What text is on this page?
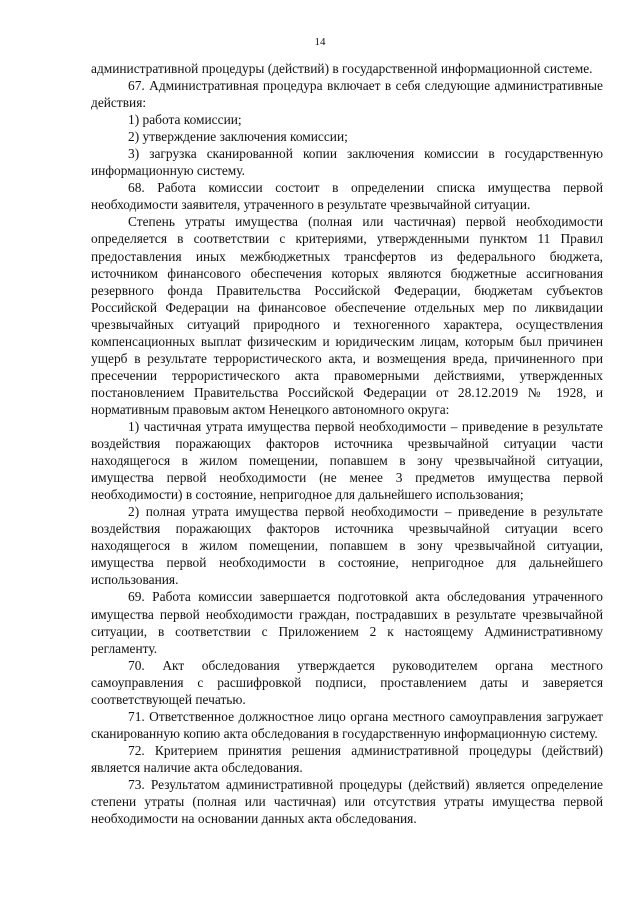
14

административной процедуры (действий) в государственной информационной системе.

67. Административная процедура включает в себя следующие административные действия:

1) работа комиссии;

2) утверждение заключения комиссии;

3) загрузка сканированной копии заключения комиссии в государственную информационную систему.

68. Работа комиссии состоит в определении списка имущества первой необходимости заявителя, утраченного в результате чрезвычайной ситуации.

Степень утраты имущества (полная или частичная) первой необходимости определяется в соответствии с критериями, утвержденными пунктом 11 Правил предоставления иных межбюджетных трансфертов из федерального бюджета, источником финансового обеспечения которых являются бюджетные ассигнования резервного фонда Правительства Российской Федерации, бюджетам субъектов Российской Федерации на финансовое обеспечение отдельных мер по ликвидации чрезвычайных ситуаций природного и техногенного характера, осуществления компенсационных выплат физическим и юридическим лицам, которым был причинен ущерб в результате террористического акта, и возмещения вреда, причиненного при пресечении террористического акта правомерными действиями, утвержденных постановлением Правительства Российской Федерации от 28.12.2019 № 1928, и нормативным правовым актом Ненецкого автономного округа:

1) частичная утрата имущества первой необходимости – приведение в результате воздействия поражающих факторов источника чрезвычайной ситуации части находящегося в жилом помещении, попавшем в зону чрезвычайной ситуации, имущества первой необходимости (не менее 3 предметов имущества первой необходимости) в состояние, непригодное для дальнейшего использования;

2) полная утрата имущества первой необходимости – приведение в результате воздействия поражающих факторов источника чрезвычайной ситуации всего находящегося в жилом помещении, попавшем в зону чрезвычайной ситуации, имущества первой необходимости в состояние, непригодное для дальнейшего использования.

69. Работа комиссии завершается подготовкой акта обследования утраченного имущества первой необходимости граждан, пострадавших в результате чрезвычайной ситуации, в соответствии с Приложением 2 к настоящему Административному регламенту.

70. Акт обследования утверждается руководителем органа местного самоуправления с расшифровкой подписи, проставлением даты и заверяется соответствующей печатью.

71. Ответственное должностное лицо органа местного самоуправления загружает сканированную копию акта обследования в государственную информационную систему.

72. Критерием принятия решения административной процедуры (действий) является наличие акта обследования.

73. Результатом административной процедуры (действий) является определение степени утраты (полная или частичная) или отсутствия утраты имущества первой необходимости на основании данных акта обследования.
